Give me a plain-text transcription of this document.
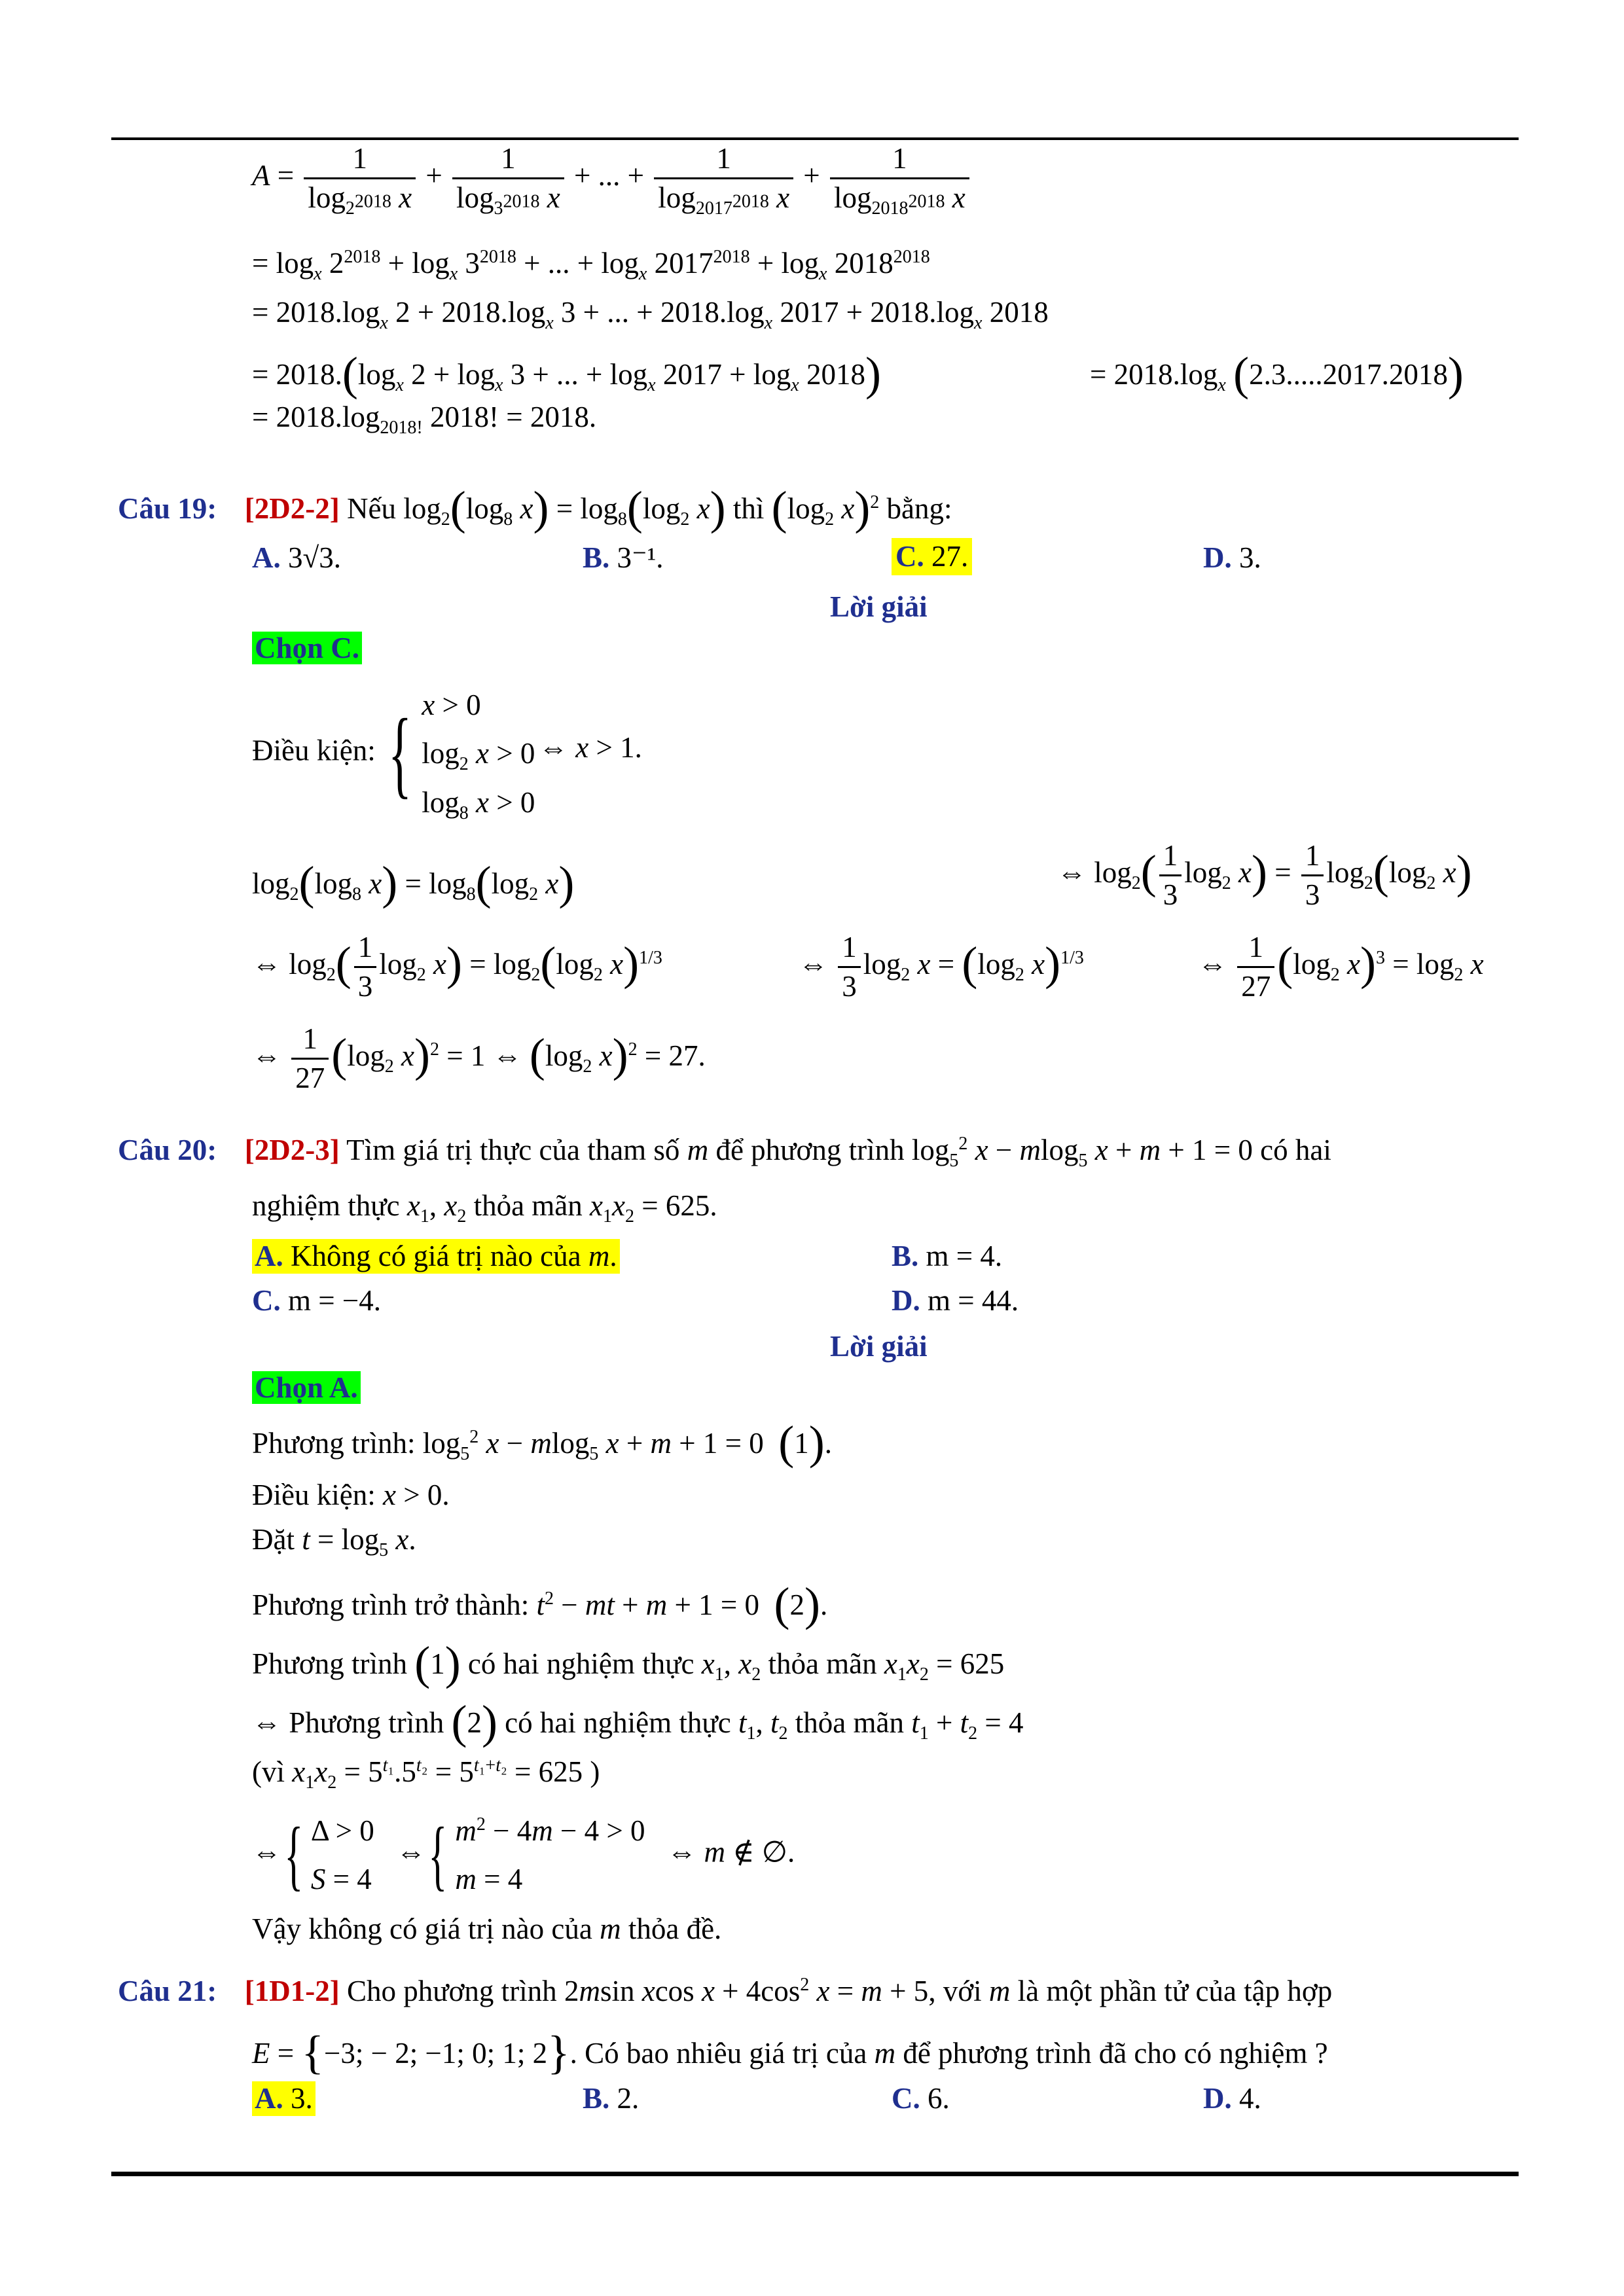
$A = \frac{1}{\log_{2^{2018}} x} + \frac{1}{\log_{3^{2018}} x}$ + ... + $\frac{1}{\log_{2017^{2018}} x} + \frac{1}{\log_{2018^{2018}} x}$
= $\log_x 2^{2018} + \log_x 3^{2018}$ + ... + $\log_x 2017^{2018} + \log_x 2018^{2018}$
= $2018.\log_x$ $2 + 2018.\log_x$ 3 + ... + $2018.\log_x$ $2017 + 2018.\log_x$ 2018
= $2018.(\log_x$ $2 + \log_x 3$ + ... + $\log_x 2017 + \log_x 2018$)	= $2018.\log_x$ (2.3.....2017.2018)
= $2018.\log_{2018!}$ 2018! = 2018.
Câu 19: [2D2-2] Nếu $\log_2(\log_8$ $x) = \log_8(\log_2$ x) thì ($\log_2$ x)$^2$ bằng:
A. 3√3.	B. 3⁻¹.	C. 27.	D. 3.
Lời giải
Chọn C.
Điều kiện: { x > 0
$\log_2 x > 0$
$\log_8 x > 0$
⇔ x > 1.
$\log_2(\log_8$ $x) = \log_8(\log_2$ x)	⇔ $\log_2( \frac{1}{3} \log_2 x) = \frac{1}{3} \log_2(\log_2$ x)
⇔ $\log_2( \frac{1}{3} \log_2 x) = \log_2(\log_2$ x)$^{1/3}$	⇔ $\frac{1}{3} \log_2 x = (\log_2$ x)$^{1/3}$	⇔ $\frac{1}{27} (\log_2$ $x)^3 = \log_2 x$
⇔ $\frac{1}{27} (\log_2$ x)$^2$ = 1 ⇔ ($\log_2$ x)$^2$ = 27.
Câu 20: [2D2-3] Tìm giá trị thực của tham số m để phương trình $\log_5^2 x - mlog_5$ x + m + 1 = 0 có hai
nghiệm thực $x_1$, $x_2$ thỏa mãn $x_1x_2 = 625$.
A. Không có giá trị nào của m.	B. m = 4.
C. m = −4.	D. m = 44.
Lời giải
Chọn A.
Phương trình: $\log_5^2 x - mlog_5$ x + m + 1 = 0  (1).
Điều kiện: x > 0.
Đặt $t = \log_5 x$.
Phương trình trở thành: $t^2$ − mt + m + 1 = 0  (2).
Phương trình (1) có hai nghiệm thực $x_1$, $x_2$ thỏa mãn $x_1x_2 = 625$
⇔ Phương trình (2) có hai nghiệm thực $t_1$, $t_2$ thỏa mãn $t_1 + t_2 = 4$
(vì $x_1x_2 = 5^{t_1}.5^{t_2} = 5^{t_1+t_2} = 625$ )
⇔{ Δ > 0
S = 4   ⇔{ $m^2 - 4m - 4 > 0$
m = 4   ⇔ m ∉ ∅.
Vậy không có giá trị nào của m thỏa đề.
Câu 21: [1D1-2] Cho phương trình 2msin xcos $x + 4\cos^2$ x = m + 5, với m là một phần tử của tập hợp
E = {−3; − 2; −1; 0; 1; 2}. Có bao nhiêu giá trị của m để phương trình đã cho có nghiệm ?
A. 3.	B. 2.	C. 6.	D. 4.
